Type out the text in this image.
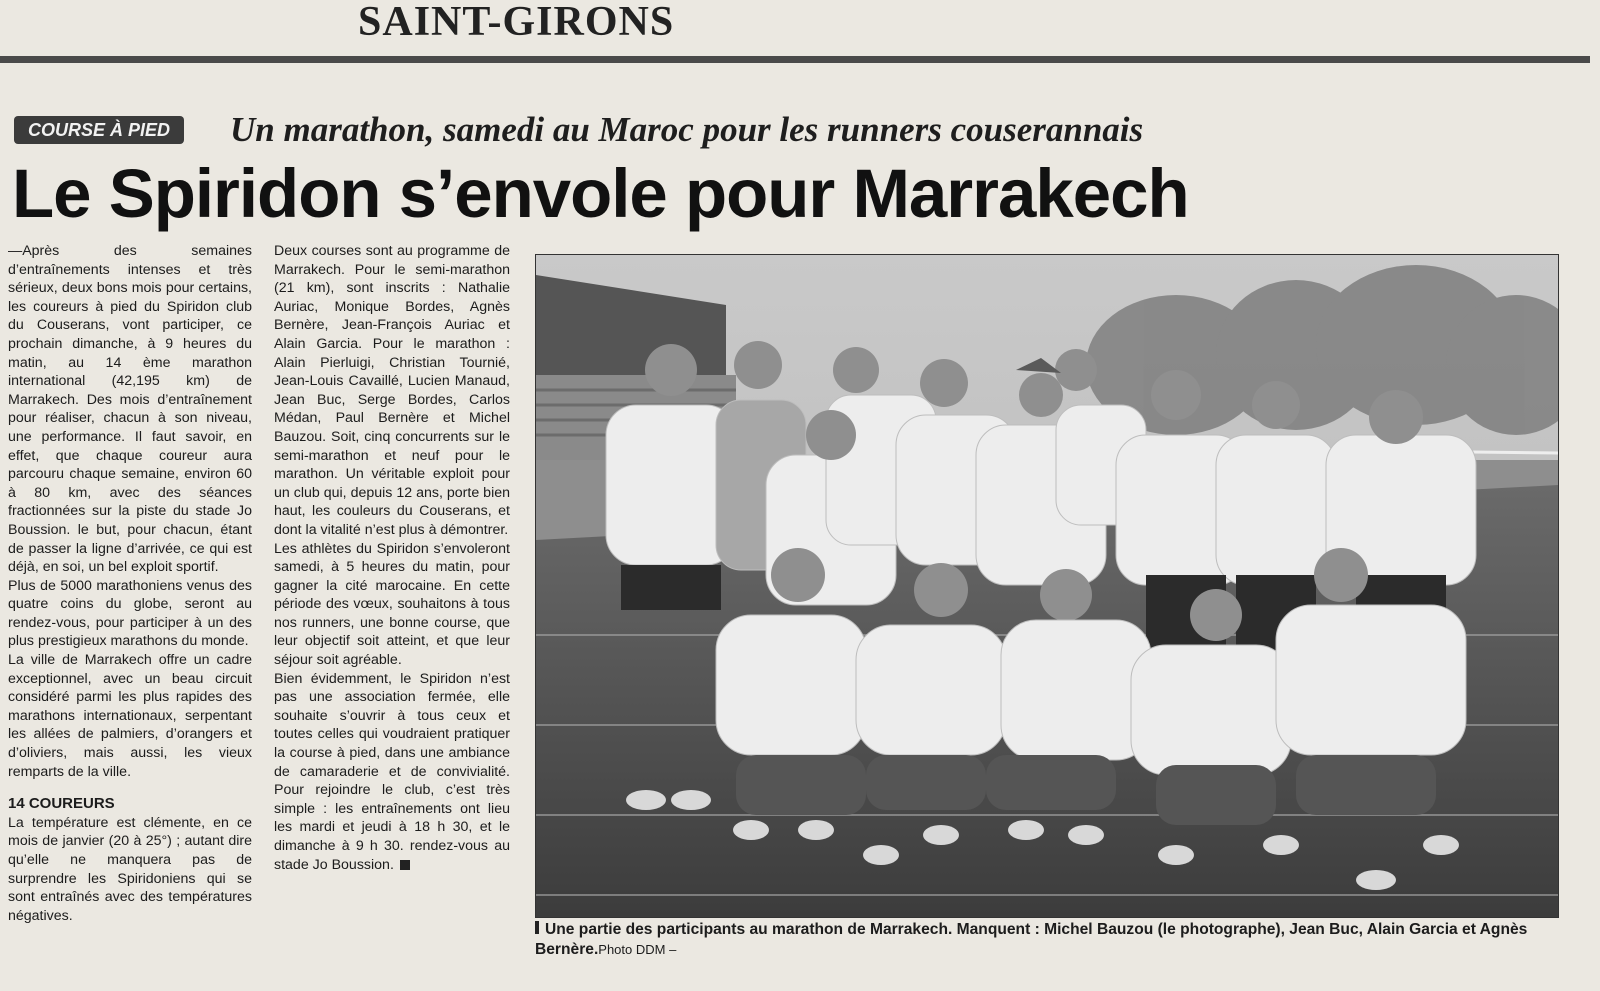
SAINT-GIRONS
COURSE À PIED	Un marathon, samedi au Maroc pour les runners couserannais
Le Spiridon s’envole pour Marrakech

—Après des semaines d’entraînements intenses et très sérieux, deux bons mois pour certains, les coureurs à pied du Spiridon club du Couserans, vont participer, ce prochain dimanche, à 9 heures du matin, au 14 ème marathon international (42,195 km) de Marrakech. Des mois d’entraînement pour réaliser, chacun à son niveau, une performance. Il faut savoir, en effet, que chaque coureur aura parcouru chaque semaine, environ 60 à 80 km, avec des séances fractionnées sur la piste du stade Jo Boussion. le but, pour chacun, étant de passer la ligne d’arrivée, ce qui est déjà, en soi, un bel exploit sportif.

Plus de 5000 marathoniens venus des quatre coins du globe, seront au rendez-vous, pour participer à un des plus prestigieux marathons du monde.

La ville de Marrakech offre un cadre exceptionnel, avec un beau circuit considéré parmi les plus rapides des marathons internationaux, serpentant les allées de palmiers, d’orangers et d’oliviers, mais aussi, les vieux remparts de la ville.

14 COUREURS

La température est clémente, en ce mois de janvier (20 à 25°) ; autant dire qu’elle ne manquera pas de surprendre les Spiridoniens qui se sont entraînés avec des températures négatives.

Deux courses sont au programme de Marrakech. Pour le semi-marathon (21 km), sont inscrits : Nathalie Auriac, Monique Bordes, Agnès Bernère, Jean-François Auriac et Alain Garcia. Pour le marathon : Alain Pierluigi, Christian Tournié, Jean-Louis Cavaillé, Lucien Manaud, Jean Buc, Serge Bordes, Carlos Médan, Paul Bernère et Michel Bauzou. Soit, cinq concurrents sur le semi-marathon et neuf pour le marathon. Un véritable exploit pour un club qui, depuis 12 ans, porte bien haut, les couleurs du Couserans, et dont la vitalité n’est plus à démontrer.

Les athlètes du Spiridon s’envoleront samedi, à 5 heures du matin, pour gagner la cité marocaine. En cette période des vœux, souhaitons à tous nos runners, une bonne course, que leur objectif soit atteint, et que leur séjour soit agréable.

Bien évidemment, le Spiridon n’est pas une association fermée, elle souhaite s’ouvrir à tous ceux et toutes celles qui voudraient pratiquer la course à pied, dans une ambiance de camaraderie et de convivialité. Pour rejoindre le club, c’est très simple : les entraînements ont lieu les mardi et jeudi à 18 h 30, et le dimanche à 9 h 30. rendez-vous au stade Jo Boussion.

Une partie des participants au marathon de Marrakech. Manquent : Michel Bauzou (le photographe), Jean Buc, Alain Garcia et Agnès Bernère.Photo DDM –
